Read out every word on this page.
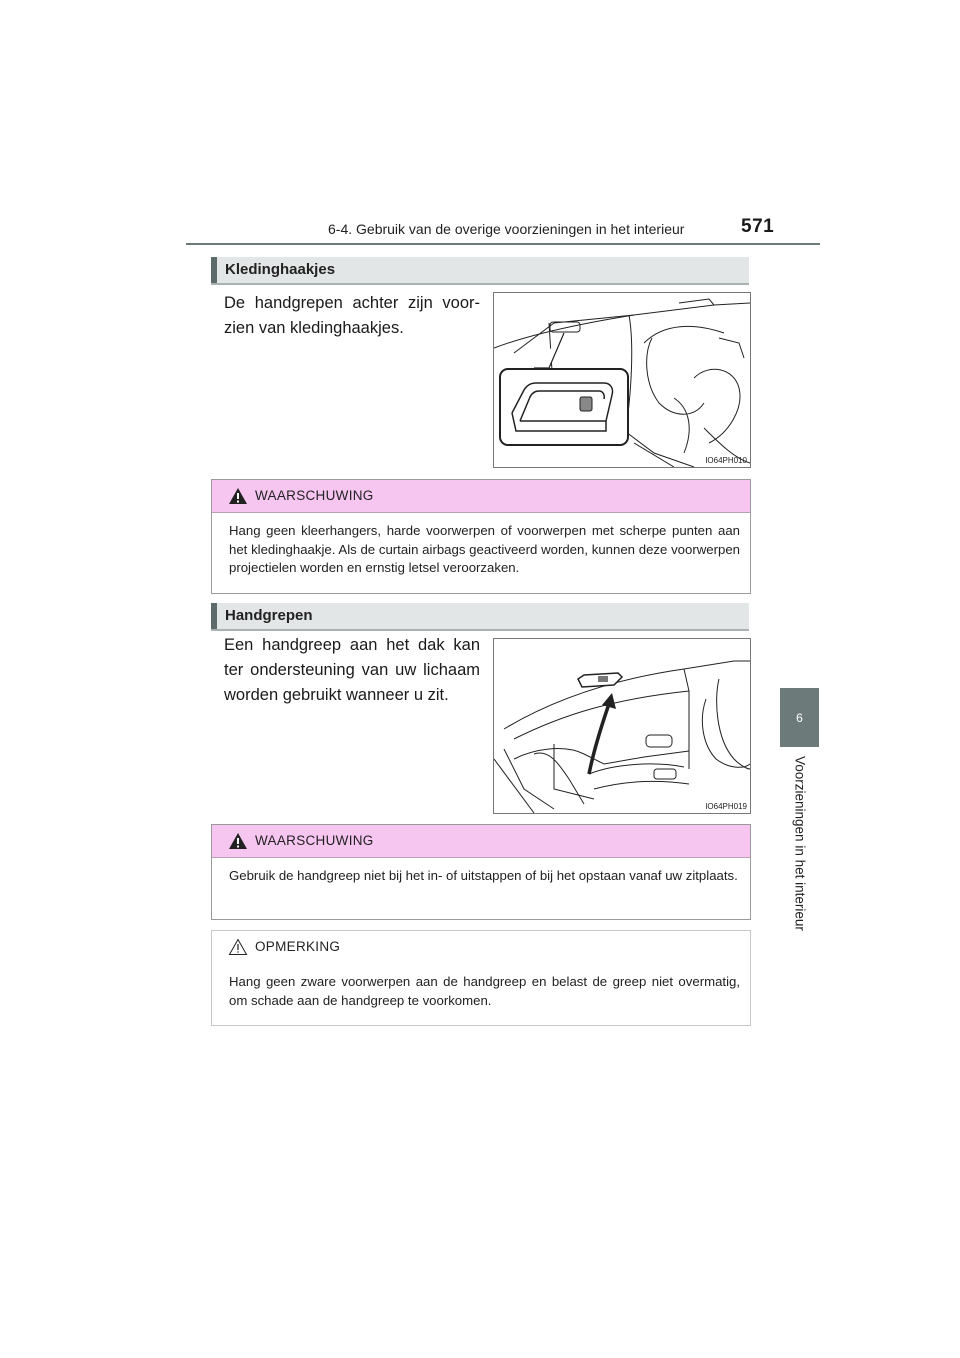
6-4. Gebruik van de overige voorzieningen in het interieur	571
6
Voorzieningen in het interieur
Kledinghaakjes
De handgrepen achter zijn voor-zien van kledinghaakjes.
IO64PH010
WAARSCHUWING
Hang geen kleerhangers, harde voorwerpen of voorwerpen met scherpe punten aan het kledinghaakje. Als de curtain airbags geactiveerd worden, kunnen deze voorwerpen projectielen worden en ernstig letsel veroorzaken.
Handgrepen
Een handgreep aan het dak kan ter ondersteuning van uw lichaam worden gebruikt wanneer u zit.
IO64PH019
WAARSCHUWING
Gebruik de handgreep niet bij het in- of uitstappen of bij het opstaan vanaf uw zitplaats.
OPMERKING
Hang geen zware voorwerpen aan de handgreep en belast de greep niet overmatig, om schade aan de handgreep te voorkomen.
